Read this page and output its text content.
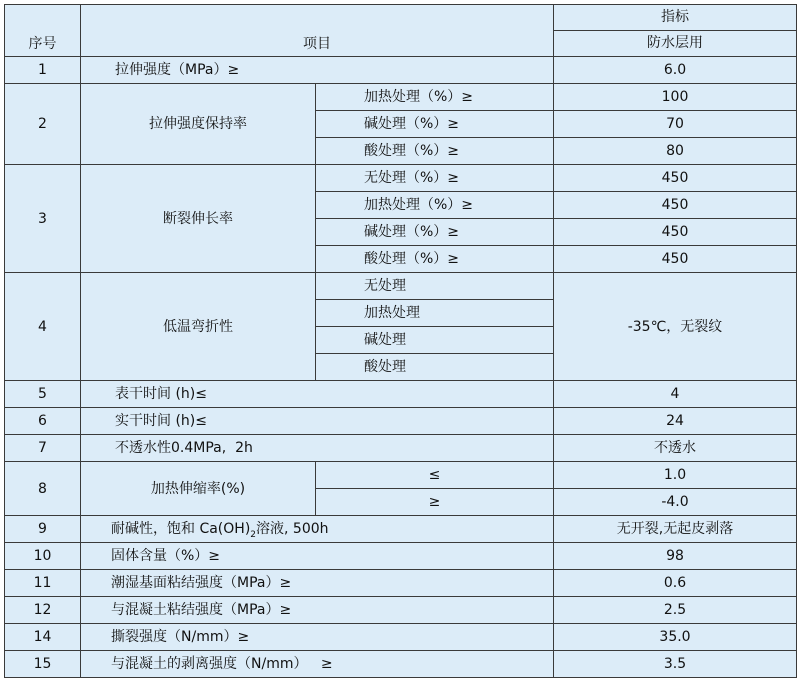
序号	项目		指标
			防水层用
1	拉伸强度（MPa）≥		6.0
2	拉伸强度保持率	加热处理（%）≥	100
		碱处理（%）≥	70
		酸处理（%）≥	80
3	断裂伸长率	无处理（%）≥	450
		加热处理（%）≥	450
		碱处理（%）≥	450
		酸处理（%）≥	450
4	低温弯折性	无处理	-35℃，无裂纹
		加热处理	
		碱处理	
		酸处理	
5	表干时间 (h)≤		4
6	实干时间 (h)≤		24
7	不透水性0.4MPa,  2h		不透水
8	加热伸缩率(%)	≤	1.0
		≥	-4.0
9	耐碱性，饱和 $Ca(OH)_2$溶液, 500h		无开裂,无起皮剥落
10	固体含量（%）≥		98
11	潮湿基面粘结强度（MPa）≥		0.6
12	与混凝土粘结强度（MPa）≥		2.5
14	撕裂强度（N/mm）≥		35.0
15	与混凝土的剥离强度（N/mm）   ≥		3.5
